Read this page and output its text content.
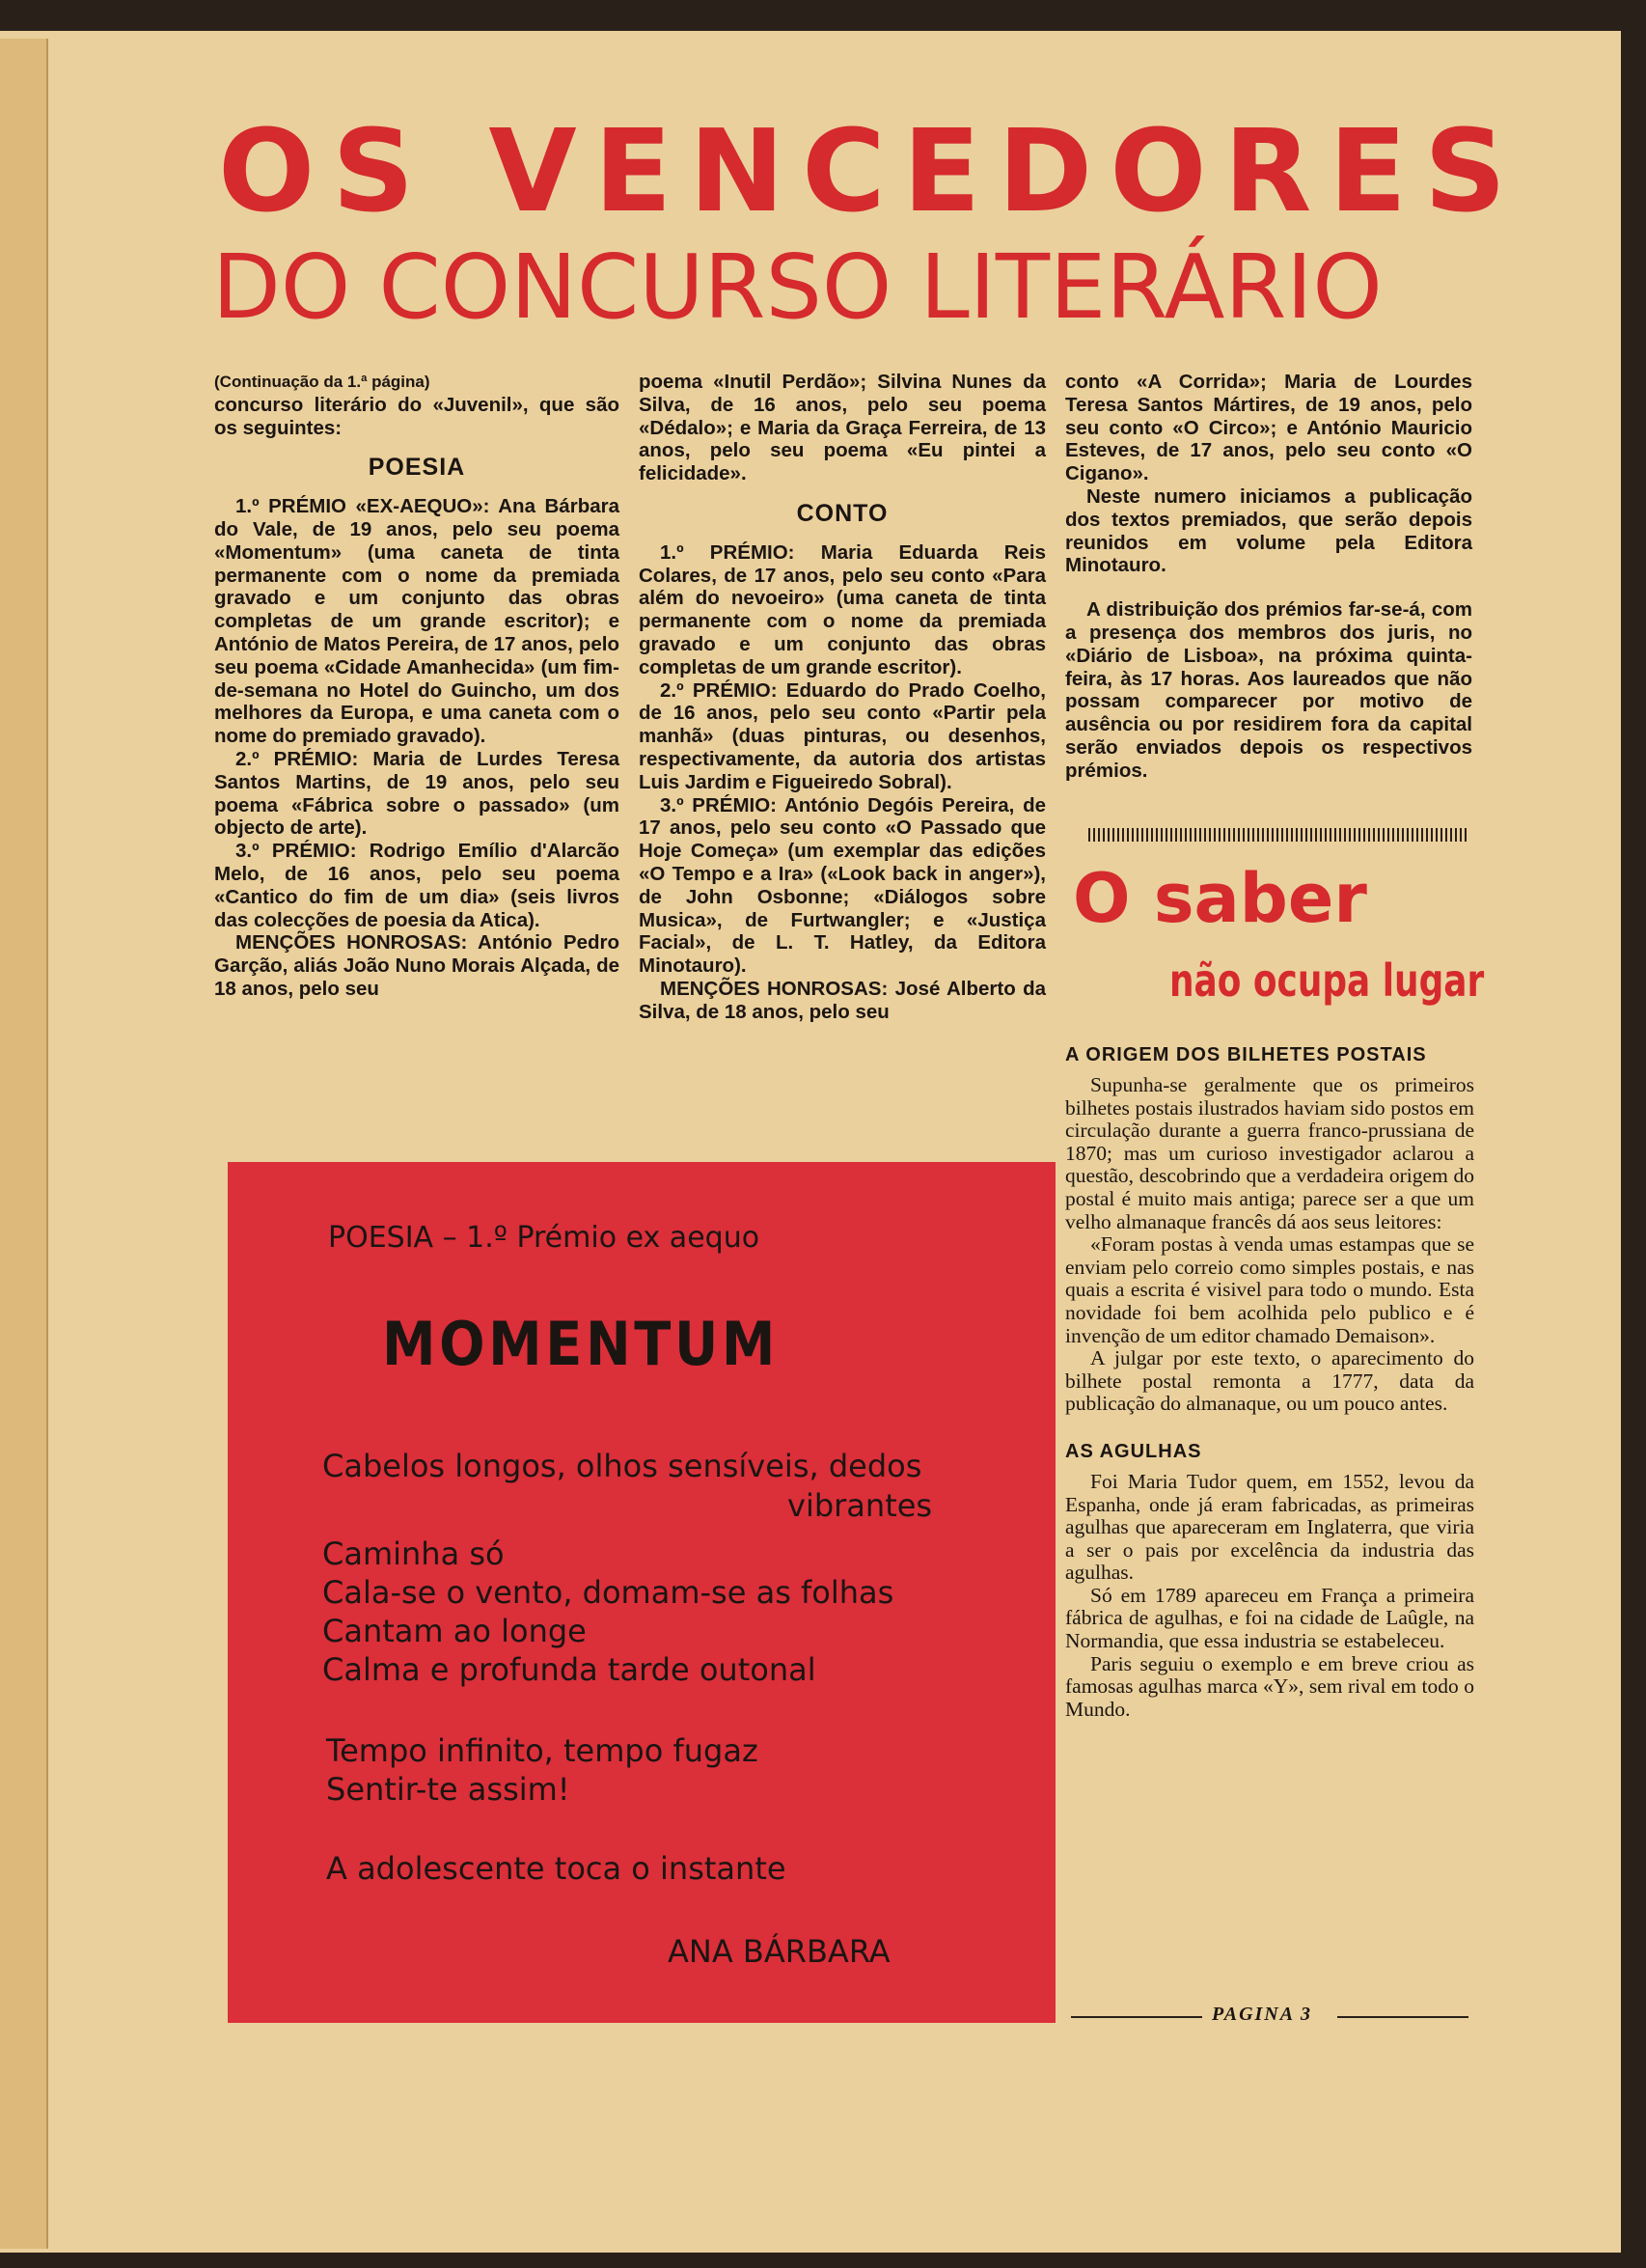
OS VENCEDORES
DO CONCURSO LITERÁRIO

(Continuação da 1.ª página)

concurso literário do «Juvenil», que são os seguintes:

POESIA

1.º PRÉMIO «EX-AEQUO»: Ana Bárbara do Vale, de 19 anos, pelo seu poema «Momentum» (uma caneta de tinta permanente com o nome da premiada gravado e um conjunto das obras completas de um grande escritor); e António de Matos Pereira, de 17 anos, pelo seu poema «Cidade Amanhecida» (um fim-de-semana no Hotel do Guincho, um dos melhores da Europa, e uma caneta com o nome do premiado gravado).

2.º PRÉMIO: Maria de Lurdes Teresa Santos Martins, de 19 anos, pelo seu poema «Fábrica sobre o passado» (um objecto de arte).

3.º PRÉMIO: Rodrigo Emílio d'Alarcão Melo, de 16 anos, pelo seu poema «Cantico do fim de um dia» (seis livros das colecções de poesia da Atica).

MENÇÕES HONROSAS: António Pedro Garção, aliás João Nuno Morais Alçada, de 18 anos, pelo seu

poema «Inutil Perdão»; Silvina Nunes da Silva, de 16 anos, pelo seu poema «Dédalo»; e Maria da Graça Ferreira, de 13 anos, pelo seu poema «Eu pintei a felicidade».

CONTO

1.º PRÉMIO: Maria Eduarda Reis Colares, de 17 anos, pelo seu conto «Para além do nevoeiro» (uma caneta de tinta permanente com o nome da premiada gravado e um conjunto das obras completas de um grande escritor).

2.º PRÉMIO: Eduardo do Prado Coelho, de 16 anos, pelo seu conto «Partir pela manhã» (duas pinturas, ou desenhos, respectivamente, da autoria dos artistas Luis Jardim e Figueiredo Sobral).

3.º PRÉMIO: António Degóis Pereira, de 17 anos, pelo seu conto «O Passado que Hoje Começa» (um exemplar das edições «O Tempo e a Ira» («Look back in anger»), de John Osbonne; «Diálogos sobre Musica», de Furtwangler; e «Justiça Facial», de L. T. Hatley, da Editora Minotauro).

MENÇÕES HONROSAS: José Alberto da Silva, de 18 anos, pelo seu

conto «A Corrida»; Maria de Lourdes Teresa Santos Mártires, de 19 anos, pelo seu conto «O Circo»; e António Mauricio Esteves, de 17 anos, pelo seu conto «O Cigano».

Neste numero iniciamos a publicação dos textos premiados, que serão depois reunidos em volume pela Editora Minotauro.

A distribuição dos prémios far-se-á, com a presença dos membros dos juris, no «Diário de Lisboa», na próxima quinta-feira, às 17 horas. Aos laureados que não possam comparecer por motivo de ausência ou por residirem fora da capital serão enviados depois os respectivos prémios.

O saber
não ocupa lugar

A ORIGEM DOS BILHETES POSTAIS

Supunha-se geralmente que os primeiros bilhetes postais ilustrados haviam sido postos em circulação durante a guerra franco-prussiana de 1870; mas um curioso investigador aclarou a questão, descobrindo que a verdadeira origem do postal é muito mais antiga; parece ser a que um velho almanaque francês dá aos seus leitores:

«Foram postas à venda umas estampas que se enviam pelo correio como simples postais, e nas quais a escrita é visivel para todo o mundo. Esta novidade foi bem acolhida pelo publico e é invenção de um editor chamado Demaison».

A julgar por este texto, o aparecimento do bilhete postal remonta a 1777, data da publicação do almanaque, ou um pouco antes.

AS AGULHAS

Foi Maria Tudor quem, em 1552, levou da Espanha, onde já eram fabricadas, as primeiras agulhas que apareceram em Inglaterra, que viria a ser o pais por excelência da industria das agulhas.

Só em 1789 apareceu em França a primeira fábrica de agulhas, e foi na cidade de Laûgle, na Normandia, que essa industria se estabeleceu.

Paris seguiu o exemplo e em breve criou as famosas agulhas marca «Y», sem rival em todo o Mundo.

PAGINA 3
POESIA – 1.º Prémio ex aequo
MOMENTUM
Cabelos longos, olhos sensíveis, dedos
vibrantes
Caminha só
Cala-se o vento, domam-se as folhas
Cantam ao longe
Calma e profunda tarde outonal
Tempo infinito, tempo fugaz
Sentir-te assim!
A adolescente toca o instante
ANA BÁRBARA
